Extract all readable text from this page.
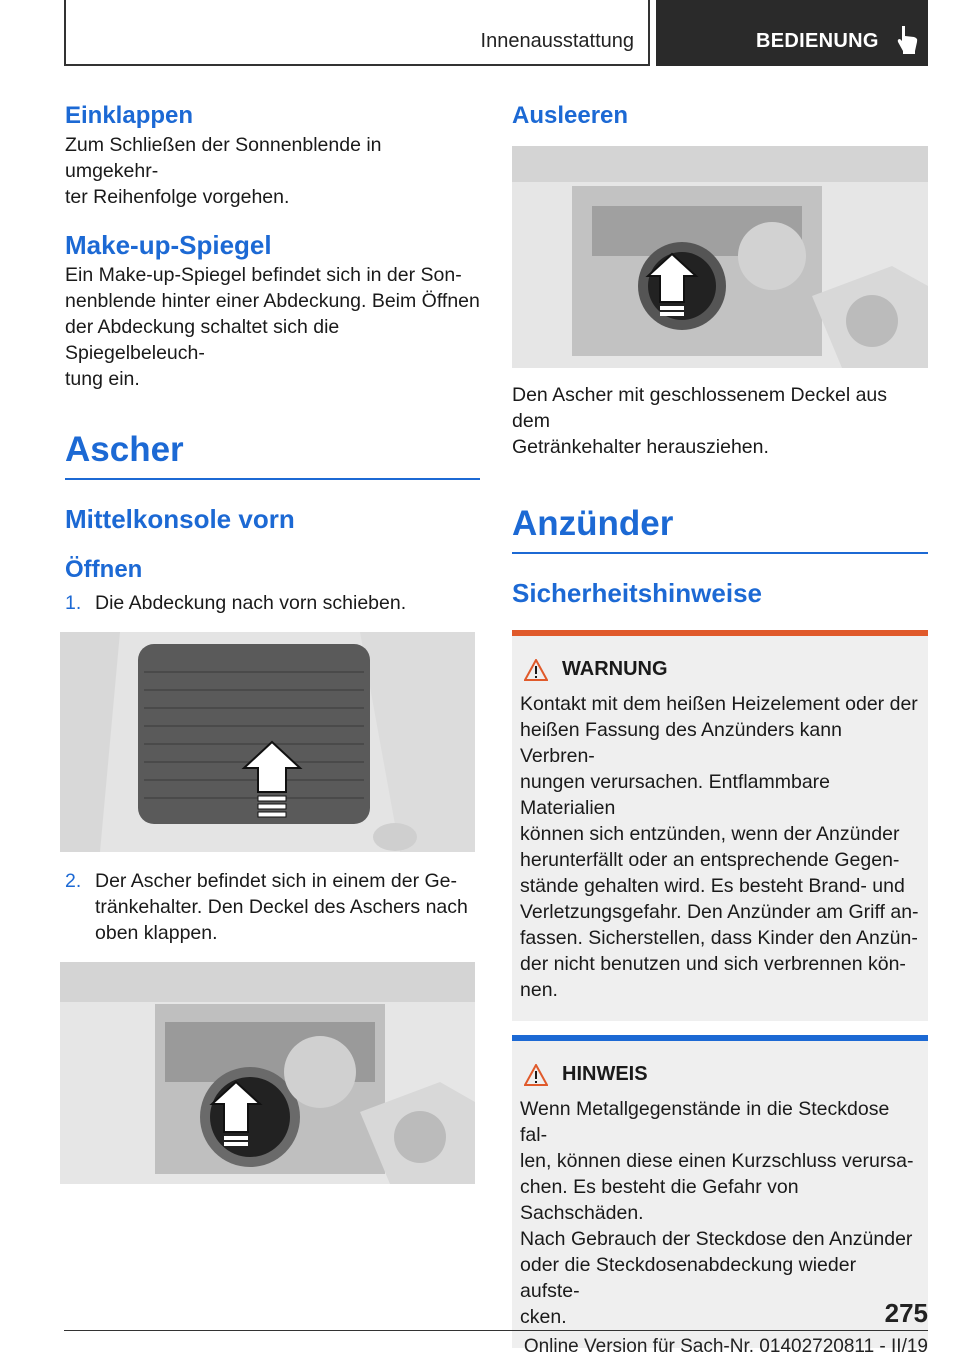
Innenausstattung	BEDIENUNG
Einklappen
Zum Schließen der Sonnenblende in umgekehr-
ter Reihenfolge vorgehen.
Make-up-Spiegel
Ein Make-up-Spiegel befindet sich in der Son-
nenblende hinter einer Abdeckung. Beim Öffnen
der Abdeckung schaltet sich die Spiegelbeleuch-
tung ein.
Ascher
Mittelkonsole vorn
Öffnen
1. Die Abdeckung nach vorn schieben.
2. Der Ascher befindet sich in einem der Ge-
tränkehalter. Den Deckel des Aschers nach
oben klappen.
Ausleeren
Den Ascher mit geschlossenem Deckel aus dem
Getränkehalter herausziehen.
Anzünder
Sicherheitshinweise
WARNUNG
Kontakt mit dem heißen Heizelement oder der
heißen Fassung des Anzünders kann Verbren-
nungen verursachen. Entflammbare Materialien
können sich entzünden, wenn der Anzünder
herunterfällt oder an entsprechende Gegen-
stände gehalten wird. Es besteht Brand- und
Verletzungsgefahr. Den Anzünder am Griff an-
fassen. Sicherstellen, dass Kinder den Anzün-
der nicht benutzen und sich verbrennen kön-
nen.
HINWEIS
Wenn Metallgegenstände in die Steckdose fal-
len, können diese einen Kurzschluss verursa-
chen. Es besteht die Gefahr von Sachschäden.
Nach Gebrauch der Steckdose den Anzünder
oder die Steckdosenabdeckung wieder aufste-
cken.	275
Online Version für Sach-Nr. 01402720811 - II/19
